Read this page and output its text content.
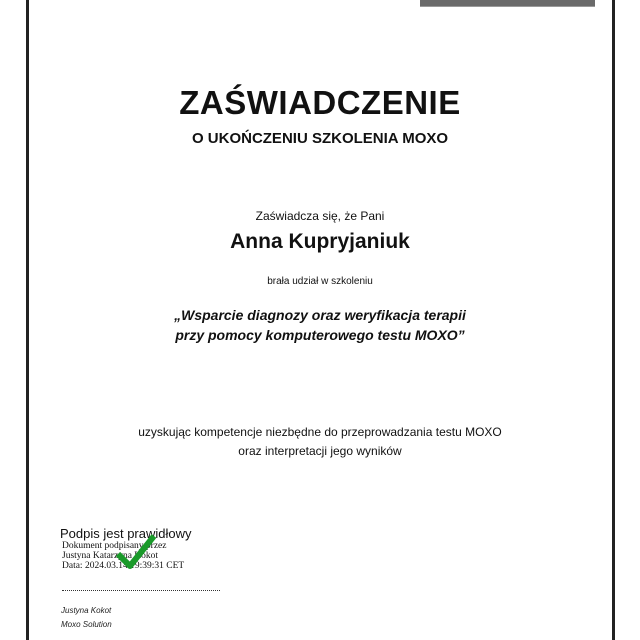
ZAŚWIADCZENIE
O UKOŃCZENIU SZKOLENIA MOXO
Zaświadcza się, że Pani
Anna Kupryjaniuk
brała udział w szkoleniu
„Wsparcie diagnozy oraz weryfikacja terapii
przy pomocy komputerowego testu MOXO”
uzyskując kompetencje niezbędne do przeprowadzania testu MOXO
oraz interpretacji jego wyników
Podpis jest prawidłowy
Dokument podpisany przez
Justyna Katarzyna Kokot
Data: 2024.03.14 19:39:31 CET
Justyna Kokot
Moxo Solution
